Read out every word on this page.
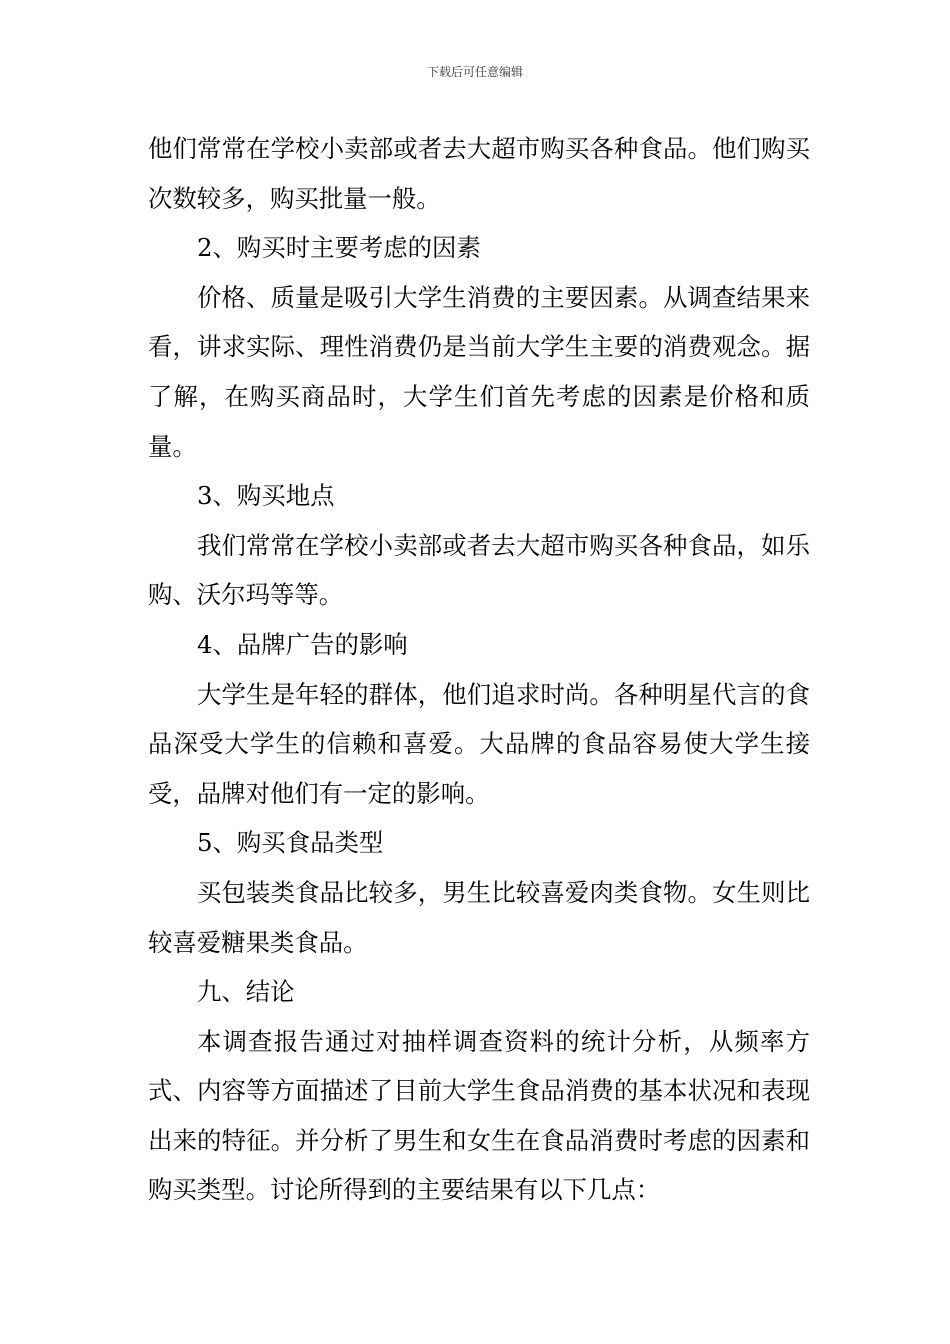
下载后可任意编辑

他们常常在学校小卖部或者去大超市购买各种食品。他们购买次数较多，购买批量一般。

2、购买时主要考虑的因素

价格、质量是吸引大学生消费的主要因素。从调查结果来看，讲求实际、理性消费仍是当前大学生主要的消费观念。据了解，在购买商品时，大学生们首先考虑的因素是价格和质量。

3、购买地点

我们常常在学校小卖部或者去大超市购买各种食品，如乐购、沃尔玛等等。

4、品牌广告的影响

大学生是年轻的群体，他们追求时尚。各种明星代言的食品深受大学生的信赖和喜爱。大品牌的食品容易使大学生接受，品牌对他们有一定的影响。

5、购买食品类型

买包装类食品比较多，男生比较喜爱肉类食物。女生则比较喜爱糖果类食品。

九、结论

本调查报告通过对抽样调查资料的统计分析，从频率方式、内容等方面描述了目前大学生食品消费的基本状况和表现出来的特征。并分析了男生和女生在食品消费时考虑的因素和购买类型。讨论所得到的主要结果有以下几点：
